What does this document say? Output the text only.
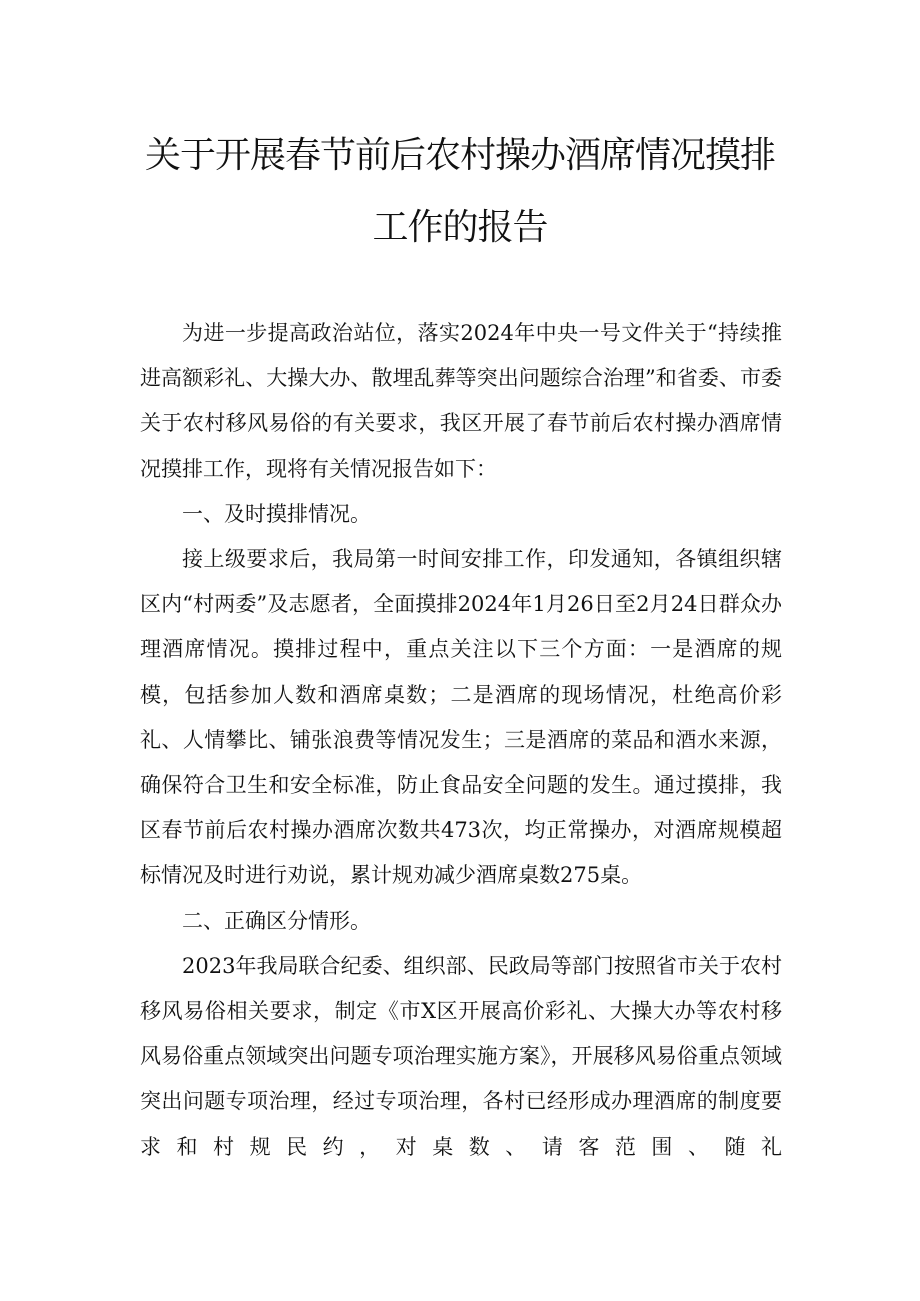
关于开展春节前后农村操办酒席情况摸排
工作的报告

为进一步提高政治站位，落实2024年中央一号文件关于“持续推进高额彩礼、大操大办、散埋乱葬等突出问题综合治理”和省委、市委关于农村移风易俗的有关要求，我区开展了春节前后农村操办酒席情况摸排工作，现将有关情况报告如下：

一、及时摸排情况。

接上级要求后，我局第一时间安排工作，印发通知，各镇组织辖区内“村两委”及志愿者，全面摸排2024年1月26日至2月24日群众办理酒席情况。摸排过程中，重点关注以下三个方面：一是酒席的规模，包括参加人数和酒席桌数；二是酒席的现场情况，杜绝高价彩礼、人情攀比、铺张浪费等情况发生；三是酒席的菜品和酒水来源，确保符合卫生和安全标准，防止食品安全问题的发生。通过摸排，我区春节前后农村操办酒席次数共473次，均正常操办，对酒席规模超标情况及时进行劝说，累计规劝减少酒席桌数275桌。

二、正确区分情形。

2023年我局联合纪委、组织部、民政局等部门按照省市关于农村移风易俗相关要求，制定《市X区开展高价彩礼、大操大办等农村移风易俗重点领域突出问题专项治理实施方案》，开展移风易俗重点领域突出问题专项治理，经过专项治理，各村已经形成办理酒席的制度要求和村规民约，对桌数、请客范围、随礼
